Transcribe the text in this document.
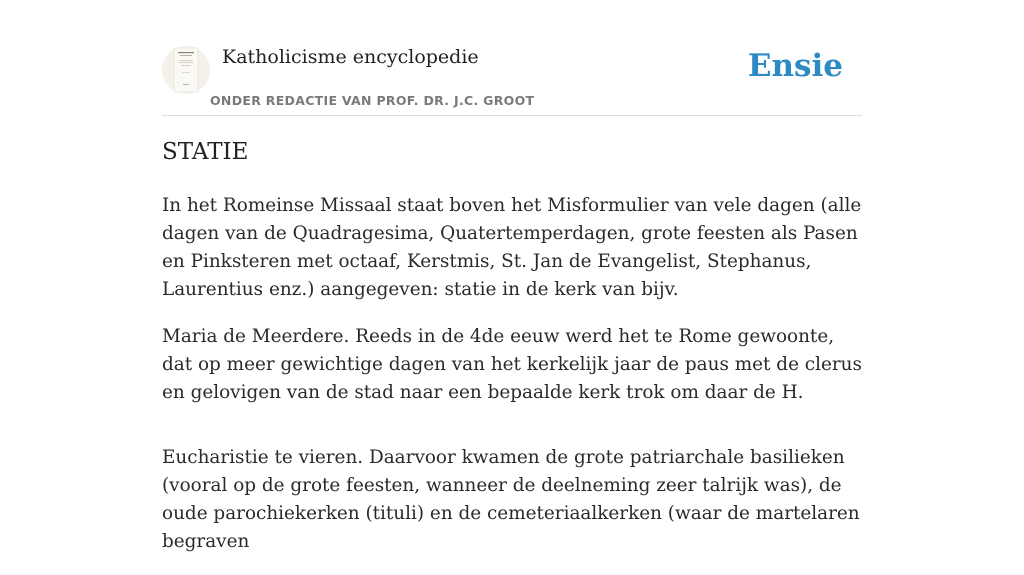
Katholicisme encyclopedie
ONDER REDACTIE VAN PROF. DR. J.C. GROOT
Ensie
STATIE

In het Romeinse Missaal staat boven het Misformulier van vele dagen (alle dagen van de Quadragesima, Quatertemperdagen, grote feesten als Pasen en Pinksteren met octaaf, Kerstmis, St. Jan de Evangelist, Stephanus, Laurentius enz.) aangegeven: statie in de kerk van bijv.

Maria de Meerdere. Reeds in de 4de eeuw werd het te Rome gewoonte, dat op meer gewichtige dagen van het kerkelijk jaar de paus met de clerus en gelovigen van de stad naar een bepaalde kerk trok om daar de H.

Eucharistie te vieren. Daarvoor kwamen de grote patriarchale basilieken (vooral op de grote feesten, wanneer de deelneming zeer talrijk was), de oude parochiekerken (tituli) en de cemeteriaalkerken (waar de martelaren begraven
